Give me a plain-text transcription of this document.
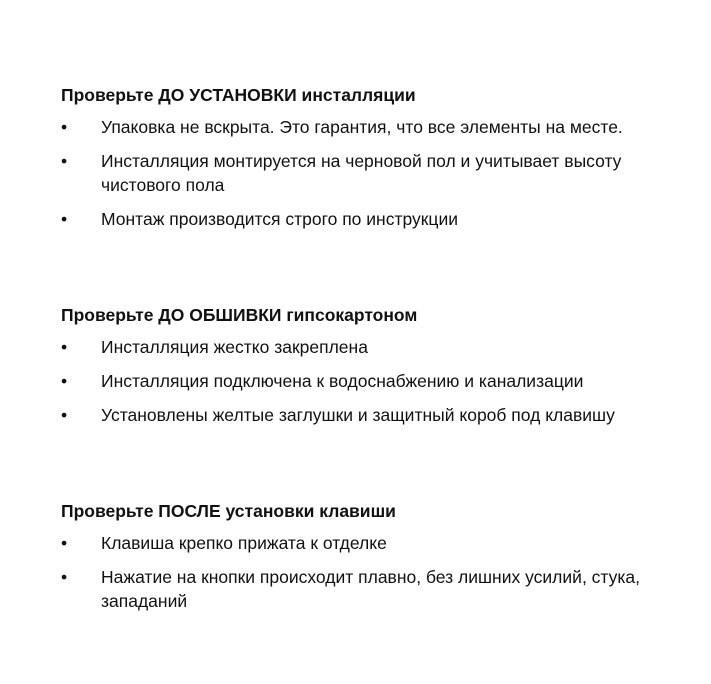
Проверьте ДО УСТАНОВКИ инсталляции
•	Упаковка не вскрыта. Это гарантия, что все элементы на месте.
•	Инсталляция монтируется на черновой пол и учитывает высоту чистового пола
•	Монтаж производится строго по инструкции
Проверьте ДО ОБШИВКИ гипсокартоном
•	Инсталляция жестко закреплена
•	Инсталляция подключена к водоснабжению и канализации
•	Установлены желтые заглушки и защитный короб под клавишу
Проверьте ПОСЛЕ установки клавиши
•	Клавиша крепко прижата к отделке
•	Нажатие на кнопки происходит плавно, без лишних усилий, стука, западаний
